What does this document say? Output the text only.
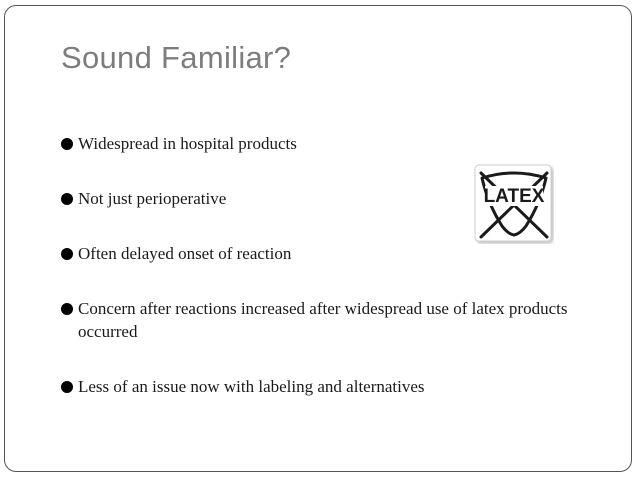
Sound Familiar?
Widespread in hospital products
Not just perioperative
Often delayed onset of reaction
Concern after reactions increased after widespread use of latex products occurred
Less of an issue now with labeling and alternatives
LATEX
